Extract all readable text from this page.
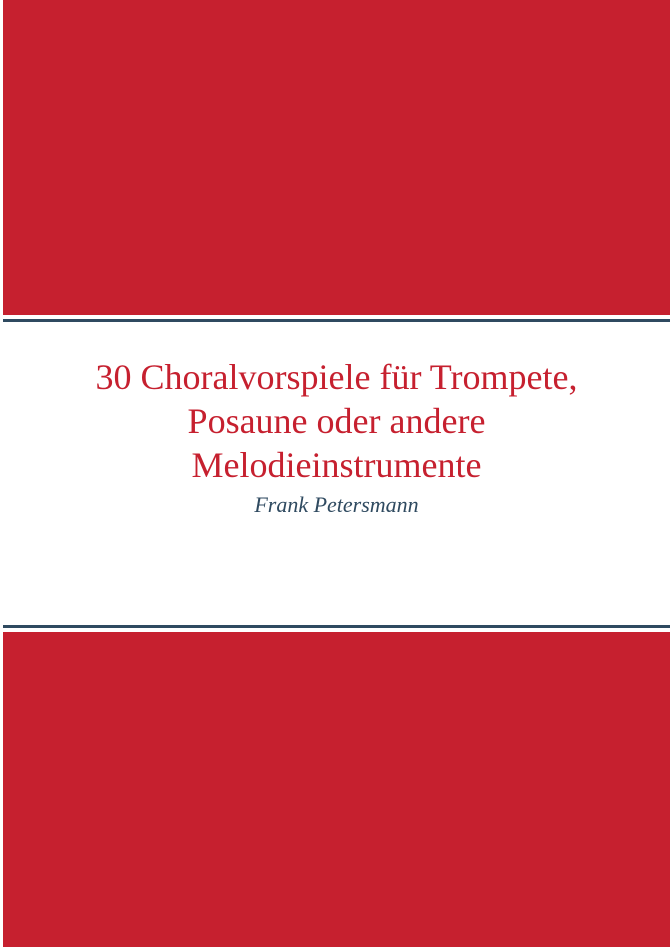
30 Choralvorspiele für Trompete,
Posaune oder andere
Melodieinstrumente

Frank Petersmann
